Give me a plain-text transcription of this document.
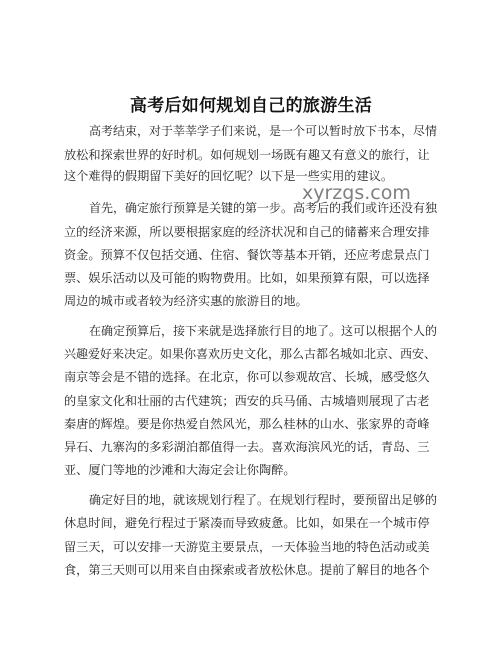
高考后如何规划自己的旅游生活
高考结束，对于莘莘学子们来说，是一个可以暂时放下书本，尽情
放松和探索世界的好时机。如何规划一场既有趣又有意义的旅行，让
这个难得的假期留下美好的回忆呢？以下是一些实用的建议。
xyrzgs.com
首先，确定旅行预算是关键的第一步。高考后的我们或许还没有独
立的经济来源，所以要根据家庭的经济状况和自己的储蓄来合理安排
资金。预算不仅包括交通、住宿、餐饮等基本开销，还应考虑景点门
票、娱乐活动以及可能的购物费用。比如，如果预算有限，可以选择
周边的城市或者较为经济实惠的旅游目的地。
在确定预算后，接下来就是选择旅行目的地了。这可以根据个人的
兴趣爱好来决定。如果你喜欢历史文化，那么古都名城如北京、西安、
南京等会是不错的选择。在北京，你可以参观故宫、长城，感受悠久
的皇家文化和壮丽的古代建筑；西安的兵马俑、古城墙则展现了古老
秦唐的辉煌。要是你热爱自然风光，那么桂林的山水、张家界的奇峰
异石、九寨沟的多彩湖泊都值得一去。喜欢海滨风光的话，青岛、三
亚、厦门等地的沙滩和大海定会让你陶醉。
确定好目的地，就该规划行程了。在规划行程时，要预留出足够的
休息时间，避免行程过于紧凑而导致疲惫。比如，如果在一个城市停
留三天，可以安排一天游览主要景点，一天体验当地的特色活动或美
食，第三天则可以用来自由探索或者放松休息。提前了解目的地各个
